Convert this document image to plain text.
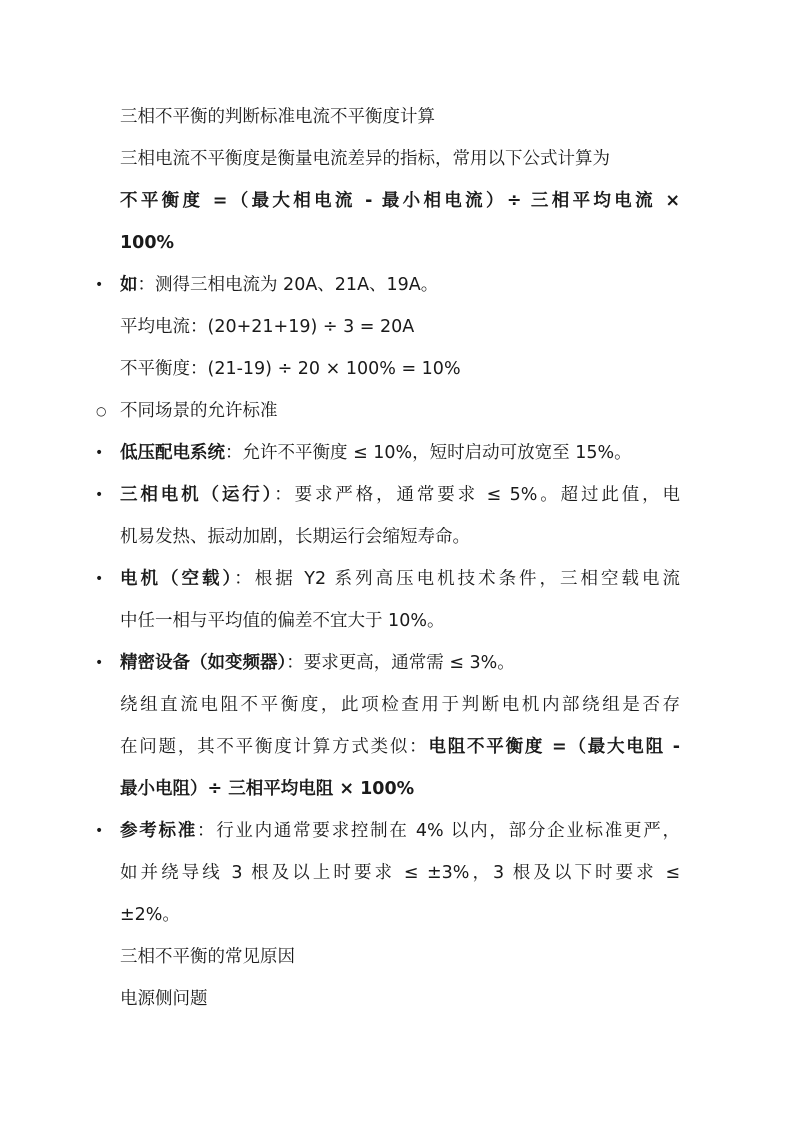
三相不平衡的判断标准电流不平衡度计算
三相电流不平衡度是衡量电流差异的指标，常用以下公式计算为
不平衡度 =（最大相电流 - 最小相电流）÷ 三相平均电流 ×
100%
• 如：测得三相电流为 20A、21A、19A。
平均电流：(20+21+19) ÷ 3 = 20A
不平衡度：(21-19) ÷ 20 × 100% = 10%
○ 不同场景的允许标准
• 低压配电系统：允许不平衡度 ≤ 10%，短时启动可放宽至 15%。
• 三相电机（运行）：要求严格，通常要求 ≤ 5%。超过此值，电
机易发热、振动加剧，长期运行会缩短寿命。
• 电机（空载）：根据 Y2 系列高压电机技术条件，三相空载电流
中任一相与平均值的偏差不宜大于 10%。
• 精密设备（如变频器）：要求更高，通常需 ≤ 3%。
绕组直流电阻不平衡度，此项检查用于判断电机内部绕组是否存
在问题，其不平衡度计算方式类似：电阻不平衡度 =（最大电阻 -
最小电阻）÷ 三相平均电阻 × 100%
• 参考标准：行业内通常要求控制在 4% 以内，部分企业标准更严，
如并绕导线 3 根及以上时要求 ≤ ±3%，3 根及以下时要求 ≤
±2%。
三相不平衡的常见原因
电源侧问题
